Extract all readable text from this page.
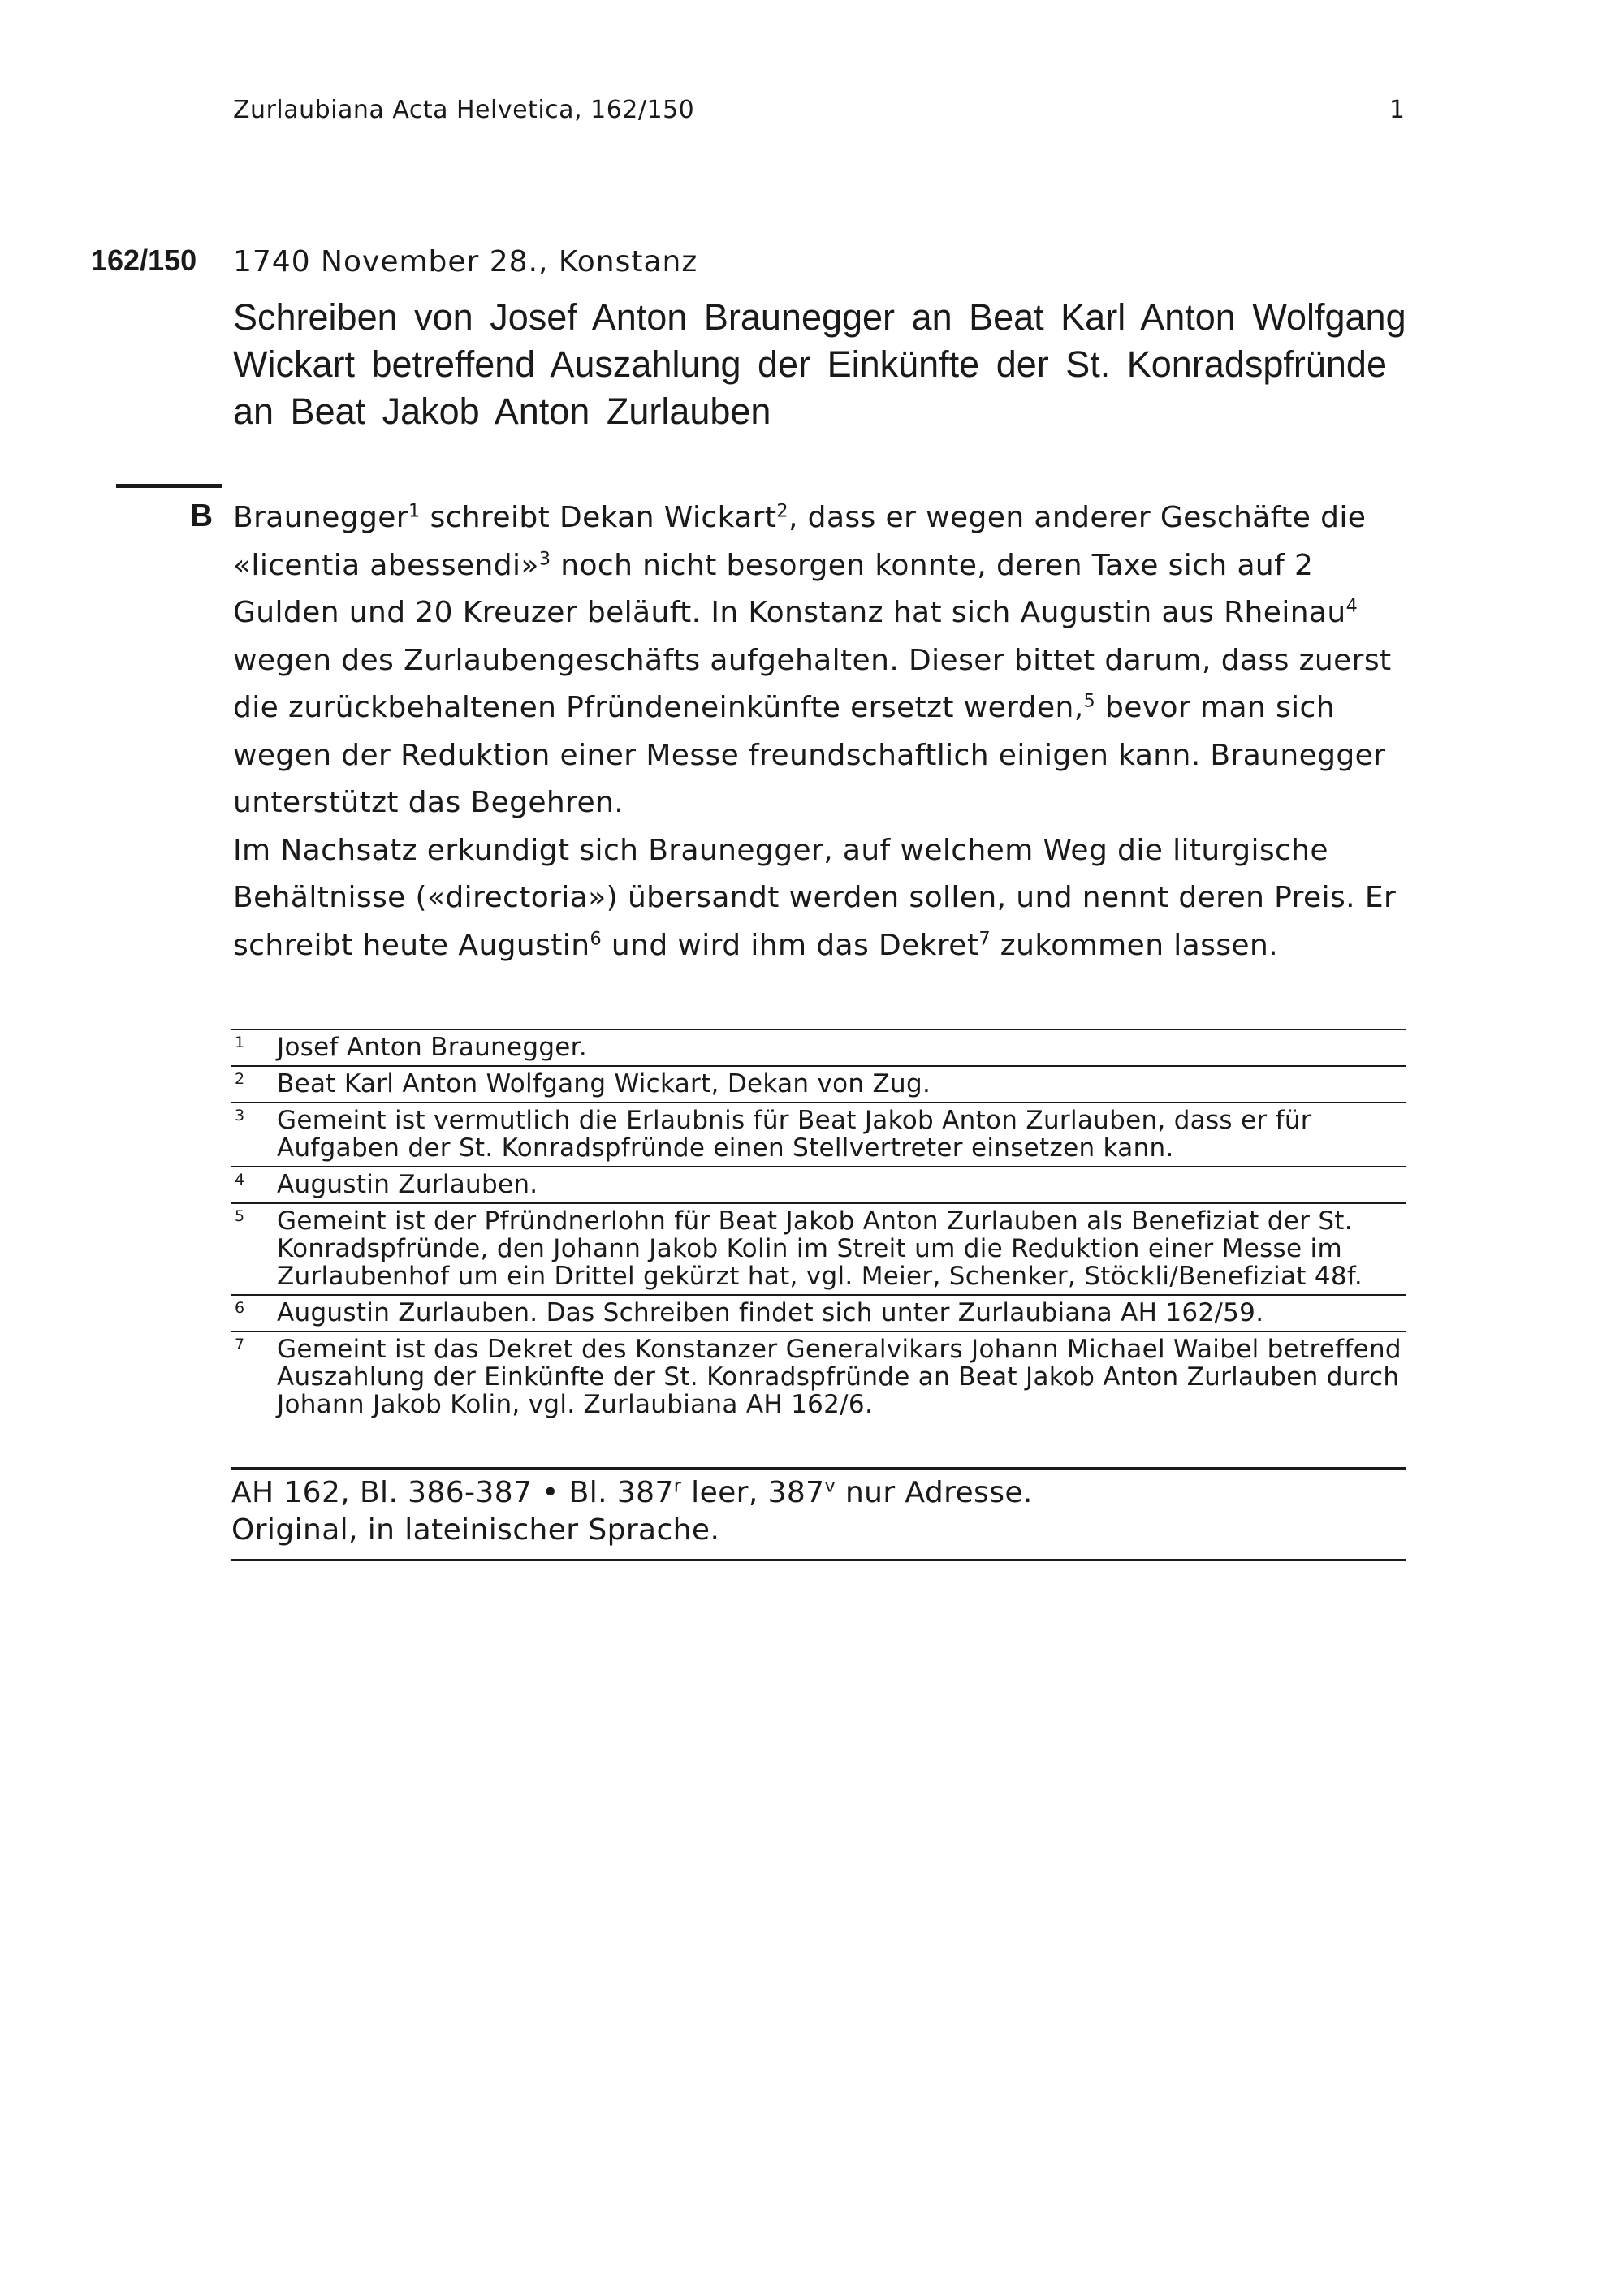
Zurlaubiana Acta Helvetica, 162/150	1
162/150 1740 November 28., Konstanz
Schreiben von Josef Anton Braunegger an Beat Karl Anton Wolfgang Wickart betreffend Auszahlung der Einkünfte der St. Konradspfründe an Beat Jakob Anton Zurlauben
B Braunegger$^1$ schreibt Dekan Wickart$^2$, dass er wegen anderer Geschäfte die «licentia abessendi»$^3$ noch nicht besorgen konnte, deren Taxe sich auf 2 Gulden und 20 Kreuzer beläuft. In Konstanz hat sich Augustin aus Rheinau$^4$ wegen des Zurlaubengeschäfts aufgehalten. Dieser bittet darum, dass zuerst die zurückbehaltenen Pfründeneinkünfte ersetzt werden,$^5$ bevor man sich wegen der Reduktion einer Messe freundschaftlich einigen kann. Braunegger unterstützt das Begehren.

Im Nachsatz erkundigt sich Braunegger, auf welchem Weg die liturgische Behältnisse («directoria») übersandt werden sollen, und nennt deren Preis. Er schreibt heute Augustin$^6$ und wird ihm das Dekret$^7$ zukommen lassen.

1	Josef Anton Braunegger.
2	Beat Karl Anton Wolfgang Wickart, Dekan von Zug.
3	Gemeint ist vermutlich die Erlaubnis für Beat Jakob Anton Zurlauben, dass er für Aufgaben der St. Konradspfründe einen Stellvertreter einsetzen kann.
4	Augustin Zurlauben.
5	Gemeint ist der Pfründnerlohn für Beat Jakob Anton Zurlauben als Benefiziat der St. Konradspfründe, den Johann Jakob Kolin im Streit um die Reduktion einer Messe im Zurlaubenhof um ein Drittel gekürzt hat, vgl. Meier, Schenker, Stöckli/Benefiziat 48f.
6	Augustin Zurlauben. Das Schreiben findet sich unter Zurlaubiana AH 162/59.
7	Gemeint ist das Dekret des Konstanzer Generalvikars Johann Michael Waibel betreffend Auszahlung der Einkünfte der St. Konradspfründe an Beat Jakob Anton Zurlauben durch Johann Jakob Kolin, vgl. Zurlaubiana AH 162/6.
AH 162, Bl. 386-387 • Bl. 387$^r$ leer, 387$^v$ nur Adresse.
Original, in lateinischer Sprache.
